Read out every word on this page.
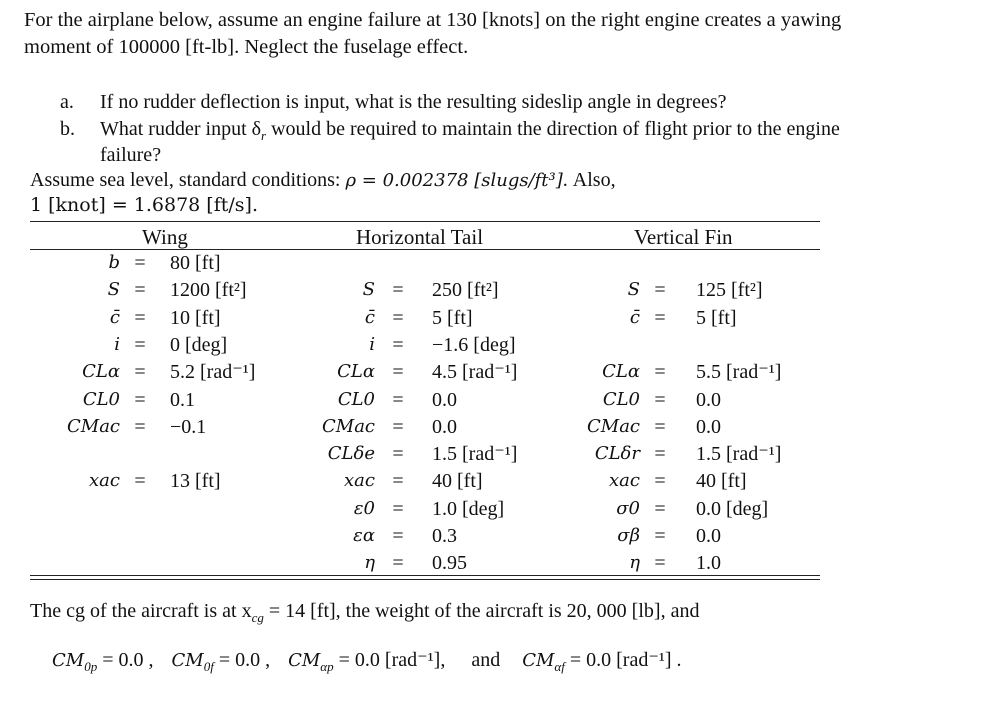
For the airplane below, assume an engine failure at 130 [knots] on the right engine creates a yawing
moment of 100000 [ft-lb]. Neglect the fuselage effect.
a. If no rudder deflection is input, what is the resulting sideslip angle in degrees?
b. What rudder input $\delta_r$ would be required to maintain the direction of flight prior to the engine
failure?
Assume sea level, standard conditions: ρ = 0.002378 [slugs/ft³]. Also,
1 [knot] = 1.6878 [ft/s].
Wing	Horizontal Tail	Vertical Fin
b = 80 [ft]
S = 1200 [ft²]
c̄ = 10 [ft]
i = 0 [deg]
CLα = 5.2 [rad⁻¹]
CL0 = 0.1
CMac = −0.1
xac = 13 [ft]
S = 250 [ft²]
c̄ = 5 [ft]
i = −1.6 [deg]
CLα = 4.5 [rad⁻¹]
CL0 = 0.0
CMac = 0.0
CLδe = 1.5 [rad⁻¹]
xac = 40 [ft]
ε0 = 1.0 [deg]
εα = 0.3
η = 0.95
S = 125 [ft²]
c̄ = 5 [ft]
CLα = 5.5 [rad⁻¹]
CL0 = 0.0
CMac = 0.0
CLδr = 1.5 [rad⁻¹]
xac = 40 [ft]
σ0 = 0.0 [deg]
σβ = 0.0
η = 1.0
The cg of the aircraft is at $x_{cg} = 14$ [ft], the weight of the aircraft is 20, 000 [lb], and
$CM_{0p} = 0.0$ , $CM_{0f} = 0.0$ , $CM_{\alpha p} = 0.0$ [rad⁻¹], and $CM_{\alpha f} = 0.0$ [rad⁻¹] .
